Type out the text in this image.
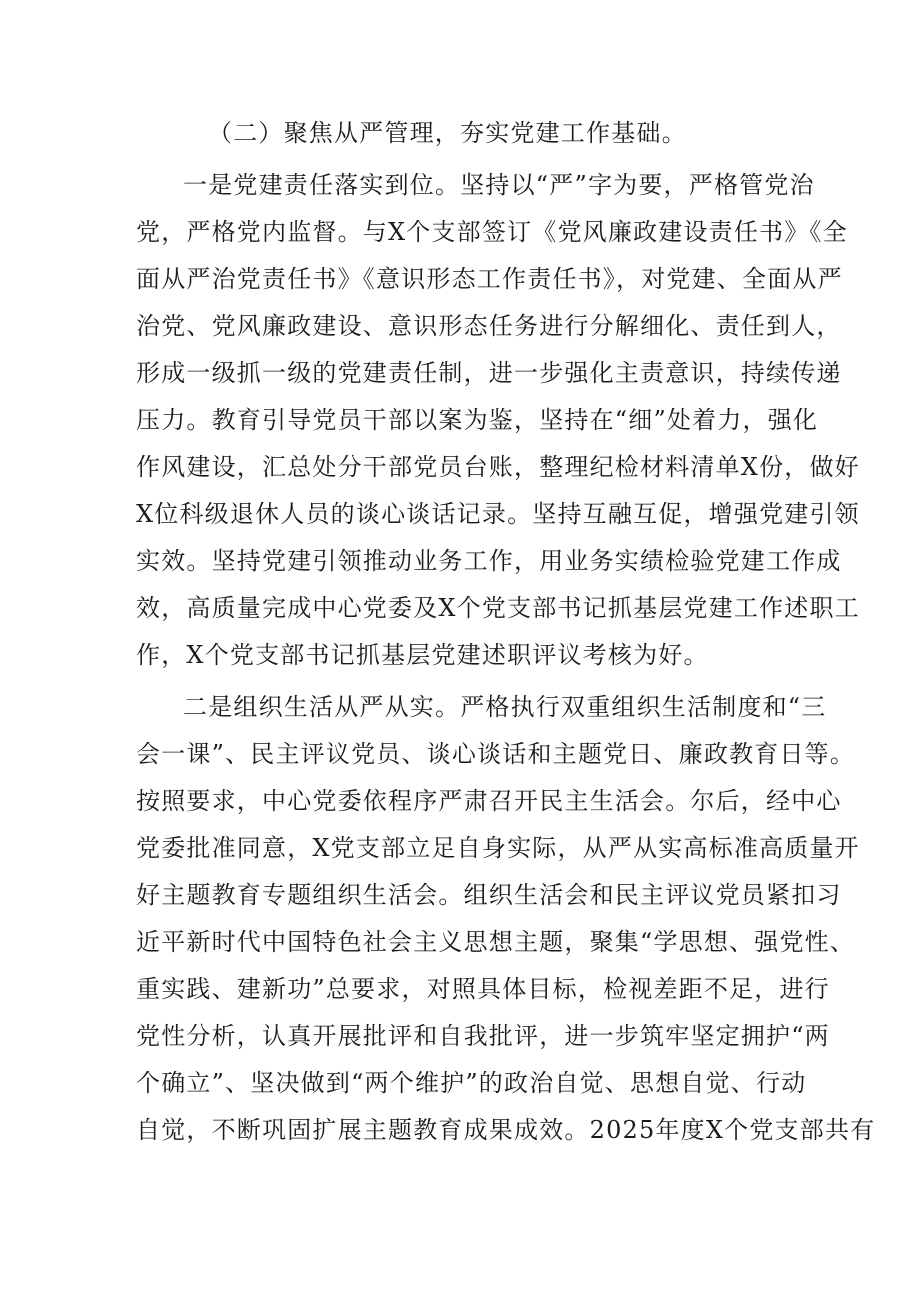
（二）聚焦从严管理，夯实党建工作基础。
一是党建责任落实到位。坚持以“严”字为要，严格管党治
党，严格党内监督。与X个支部签订《党风廉政建设责任书》《全
面从严治党责任书》《意识形态工作责任书》，对党建、全面从严
治党、党风廉政建设、意识形态任务进行分解细化、责任到人，
形成一级抓一级的党建责任制，进一步强化主责意识，持续传递
压力。教育引导党员干部以案为鉴，坚持在“细”处着力，强化
作风建设，汇总处分干部党员台账，整理纪检材料清单X份，做好
X位科级退休人员的谈心谈话记录。坚持互融互促，增强党建引领
实效。坚持党建引领推动业务工作，用业务实绩检验党建工作成
效，高质量完成中心党委及X个党支部书记抓基层党建工作述职工
作，X个党支部书记抓基层党建述职评议考核为好。
二是组织生活从严从实。严格执行双重组织生活制度和“三
会一课”、民主评议党员、谈心谈话和主题党日、廉政教育日等。
按照要求，中心党委依程序严肃召开民主生活会。尔后，经中心
党委批准同意，X党支部立足自身实际，从严从实高标准高质量开
好主题教育专题组织生活会。组织生活会和民主评议党员紧扣习
近平新时代中国特色社会主义思想主题，聚集“学思想、强党性、
重实践、建新功”总要求，对照具体目标，检视差距不足，进行
党性分析，认真开展批评和自我批评，进一步筑牢坚定拥护“两
个确立”、坚决做到“两个维护”的政治自觉、思想自觉、行动
自觉，不断巩固扩展主题教育成果成效。2025年度X个党支部共有
